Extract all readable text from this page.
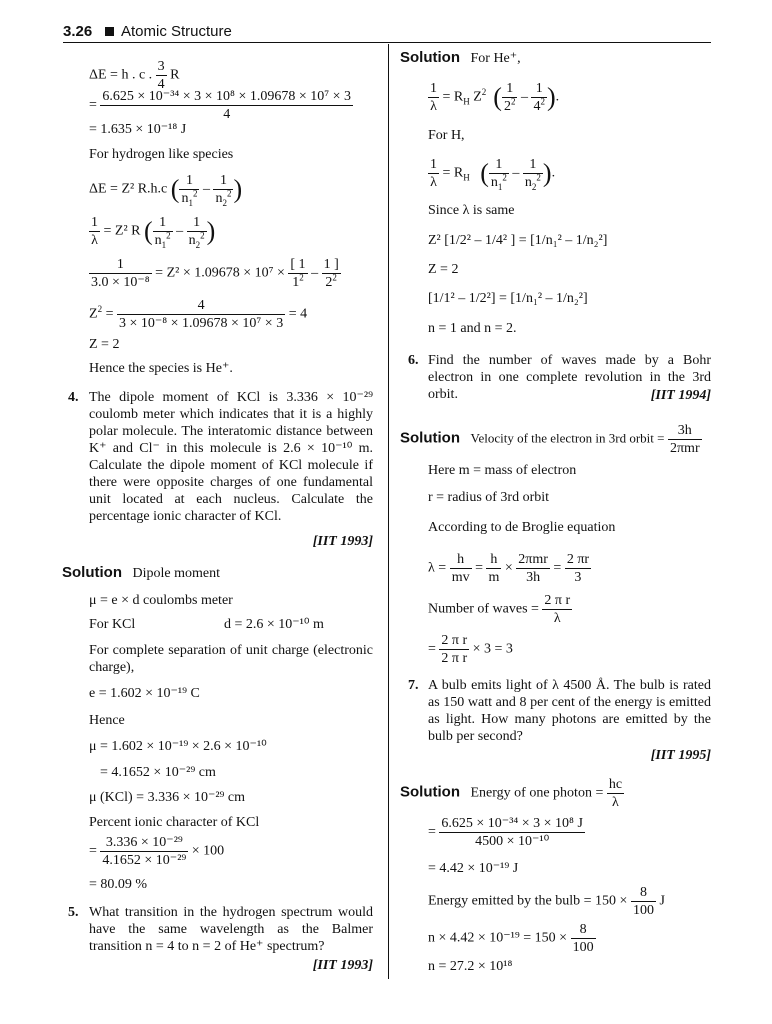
3.26 Atomic Structure
ΔE = h . c . $\frac{3}{4}$ R
= $\frac{\text{6.625 × 10⁻³⁴ × 3 × 10⁸ × 1.09678 × 10⁷ × 3}}{4}$
= 1.635 × 10⁻¹⁸ J
For hydrogen like species
ΔE = Z² R.h.c ( $\frac{1}{n_1^2} - \frac{1}{n_2^2}$ )
$\frac{1}{\lambda} = Z^2$ R ( $\frac{1}{n_1^2} - \frac{1}{n_2^2}$ )
$\frac{1}{\text{3.0 × 10⁻⁸}} = Z^2 \times 1.09678 \times 10^7 \times \frac{[ 1}{1^2} - \frac{1 ]}{2^2}$
$Z^2 = \frac{4}{\text{3 × 10⁻⁸ × 1.09678 × 10⁷ × 3}} = 4$
Z = 2
Hence the species is He⁺.
4. The dipole moment of KCl is 3.336 × 10⁻²⁹ coulomb meter which indicates that it is a highly polar molecule. The interatomic distance between K⁺ and Cl⁻ in this molecule is 2.6 × 10⁻¹⁰ m. Calculate the dipole moment of KCl molecule if there were opposite charges of one fundamental unit located at each nucleus. Calculate the percentage ionic character of KCl.
[IIT 1993]
Solution Dipole moment
μ = e × d coulombs meter
For KCl	d = 2.6 × 10⁻¹⁰ m
For complete separation of unit charge (electronic charge),
e = 1.602 × 10⁻¹⁹ C
Hence
μ = 1.602 × 10⁻¹⁹ × 2.6 × 10⁻¹⁰
= 4.1652 × 10⁻²⁹ cm
μ (KCl) = 3.336 × 10⁻²⁹ cm
Percent ionic character of KCl
= $\frac{\text{3.336 × 10⁻²⁹}}{\text{4.1652 × 10⁻²⁹}} \times 100$
= 80.09 %
5. What transition in the hydrogen spectrum would have the same wavelength as the Balmer transition n = 4 to n = 2 of He⁺ spectrum?
[IIT 1993]
Solution For He⁺,
$\frac{1}{\lambda} = R_H$ $Z^2$ ( $\frac{1}{2^2} - \frac{1}{4^2}$ ).
For H,
$\frac{1}{\lambda} = R_H$ ( $\frac{1}{n_1^2} - \frac{1}{n_2^2}$ ).
Since λ is same
Z² [1/2² – 1/4² ] = [1/n₁² – 1/n₂²]
Z = 2
[1/1² – 1/2²] = [1/n₁² – 1/n₂²]
n = 1 and n = 2.
6. Find the number of waves made by a Bohr electron in one complete revolution in the 3rd orbit.	[IIT 1994]
Solution Velocity of the electron in 3rd orbit = $\frac{3h}{\text{2πmr}}$
Here m = mass of electron
r = radius of 3rd orbit
According to de Broglie equation
$\lambda = \frac{h}{mv} = \frac{h}{m} \times \frac{\text{2πmr}}{3h} = \frac{2 \pi r}{3}$
Number of waves = $\frac{\text{2 π r}}{\lambda}$
= $\frac{\text{2 π r}}{\text{2 π r}} \times 3 = 3$
7. A bulb emits light of λ 4500 Å. The bulb is rated as 150 watt and 8 per cent of the energy is emitted as light. How many photons are emitted by the bulb per second?
[IIT 1995]
Solution Energy of one photon = $\frac{hc}{\lambda}$
= $\frac{\text{6.625 × 10⁻³⁴ × 3 × 10⁸ J}}{\text{4500 × 10⁻¹⁰}}$
= 4.42 × 10⁻¹⁹ J
Energy emitted by the bulb = $150 \times \frac{8}{100}$ J
$n \times 4.42 \times 10^{-19} = 150 \times \frac{8}{100}$
n = 27.2 × 10¹⁸
